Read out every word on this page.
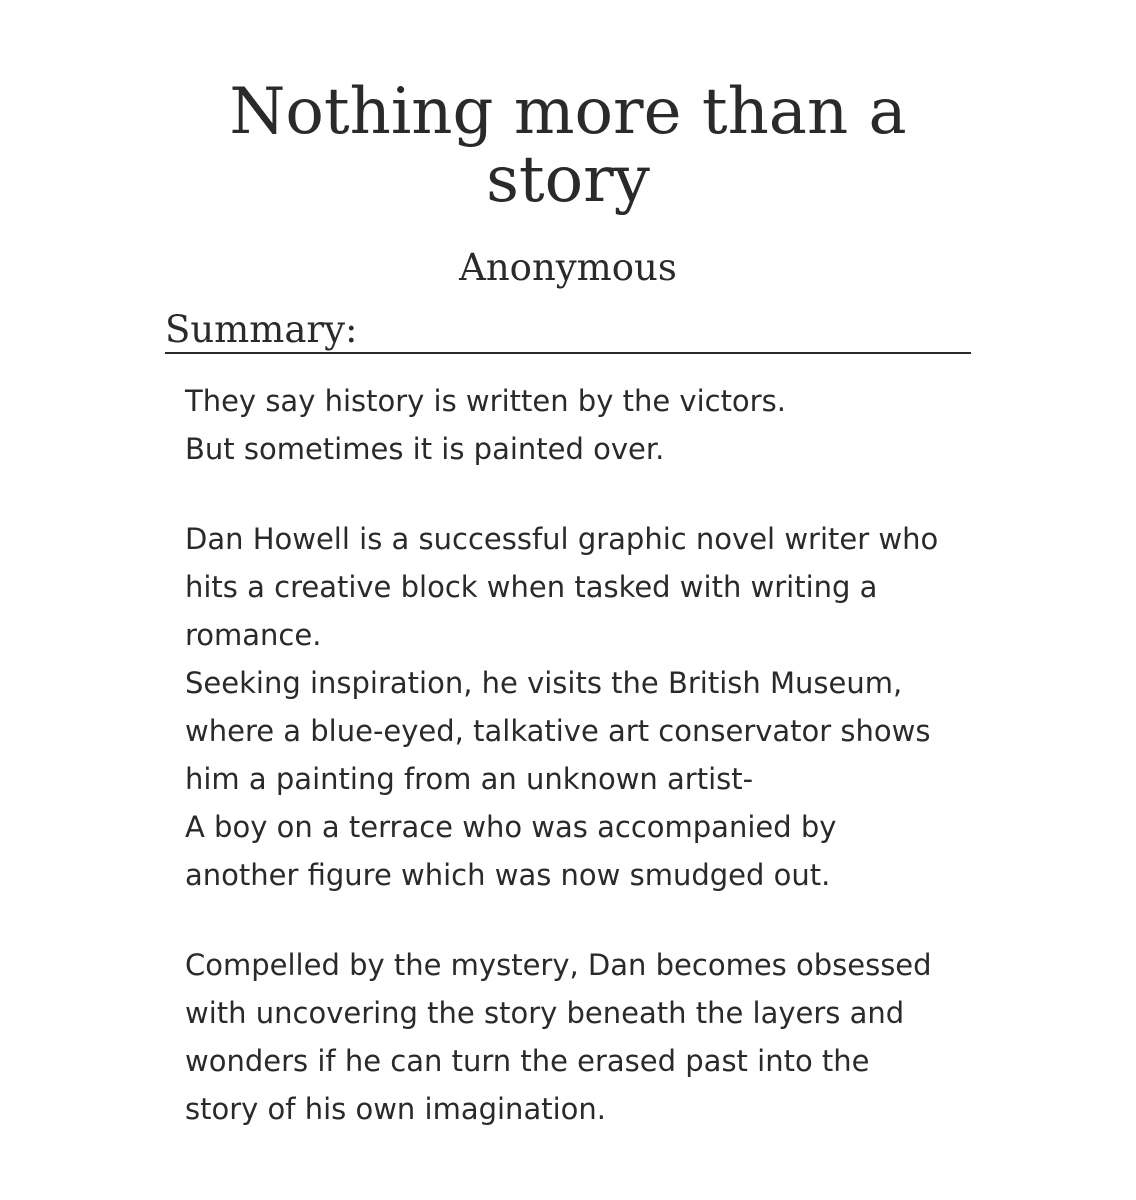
Nothing more than a
story
Anonymous
Summary:

They say history is written by the victors.
But sometimes it is painted over.

Dan Howell is a successful graphic novel writer who
hits a creative block when tasked with writing a
romance.
Seeking inspiration, he visits the British Museum,
where a blue-eyed, talkative art conservator shows
him a painting from an unknown artist-
A boy on a terrace who was accompanied by
another figure which was now smudged out.

Compelled by the mystery, Dan becomes obsessed
with uncovering the story beneath the layers and
wonders if he can turn the erased past into the
story of his own imagination.
